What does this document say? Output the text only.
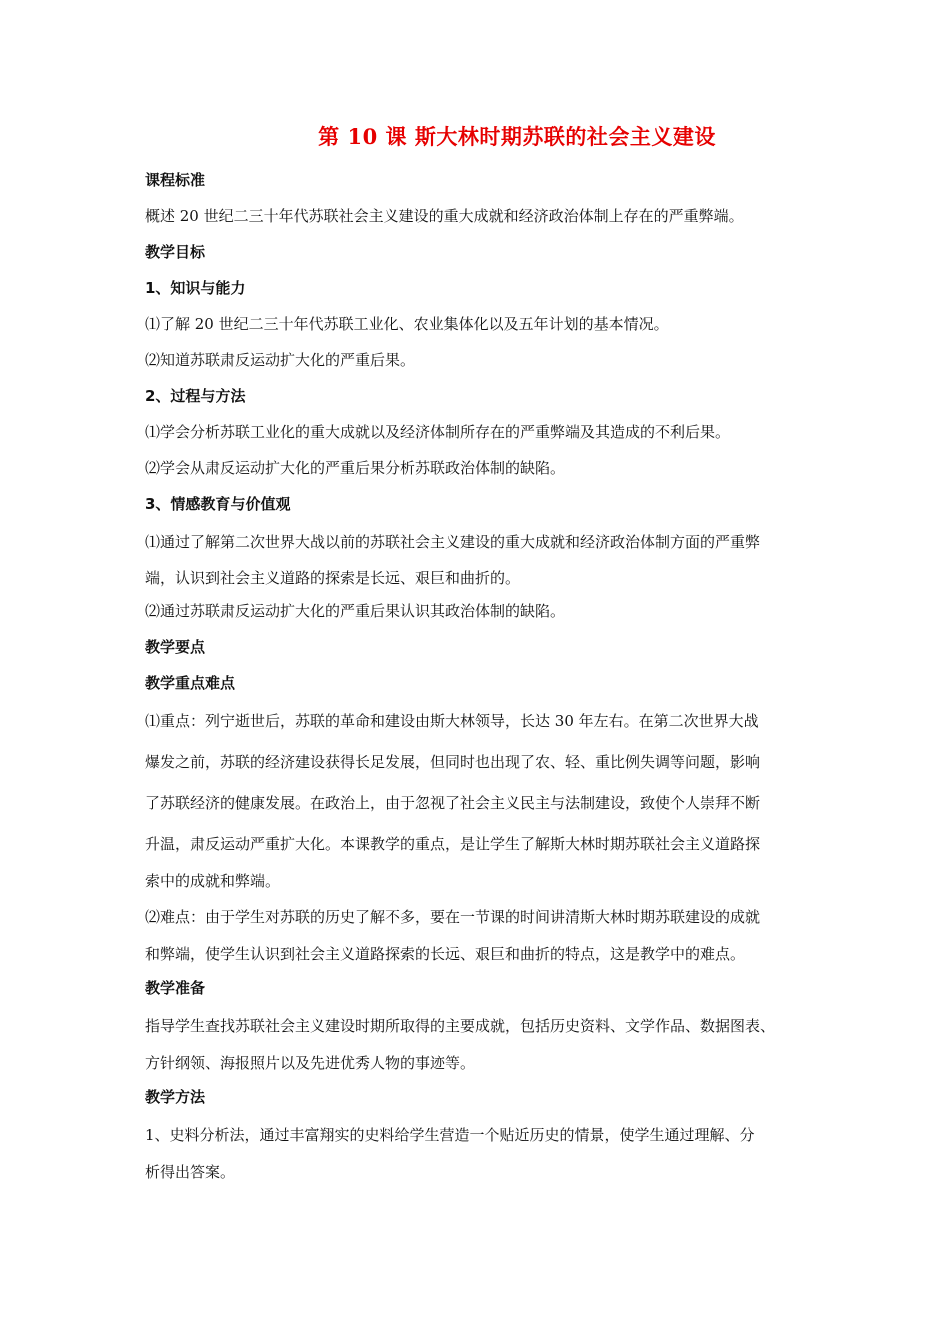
第 10 课 斯大林时期苏联的社会主义建设
课程标准
概述 20 世纪二三十年代苏联社会主义建设的重大成就和经济政治体制上存在的严重弊端。
教学目标
1、知识与能力
⑴了解 20 世纪二三十年代苏联工业化、农业集体化以及五年计划的基本情况。
⑵知道苏联肃反运动扩大化的严重后果。
2、过程与方法
⑴学会分析苏联工业化的重大成就以及经济体制所存在的严重弊端及其造成的不利后果。
⑵学会从肃反运动扩大化的严重后果分析苏联政治体制的缺陷。
3、情感教育与价值观
⑴通过了解第二次世界大战以前的苏联社会主义建设的重大成就和经济政治体制方面的严重弊
端，认识到社会主义道路的探索是长远、艰巨和曲折的。
⑵通过苏联肃反运动扩大化的严重后果认识其政治体制的缺陷。
教学要点
教学重点难点
⑴重点：列宁逝世后，苏联的革命和建设由斯大林领导，长达 30 年左右。在第二次世界大战
爆发之前，苏联的经济建设获得长足发展，但同时也出现了农、轻、重比例失调等问题，影响
了苏联经济的健康发展。在政治上，由于忽视了社会主义民主与法制建设，致使个人崇拜不断
升温，肃反运动严重扩大化。本课教学的重点，是让学生了解斯大林时期苏联社会主义道路探
索中的成就和弊端。
⑵难点：由于学生对苏联的历史了解不多，要在一节课的时间讲清斯大林时期苏联建设的成就
和弊端，使学生认识到社会主义道路探索的长远、艰巨和曲折的特点，这是教学中的难点。
教学准备
指导学生查找苏联社会主义建设时期所取得的主要成就，包括历史资料、文学作品、数据图表、
方针纲领、海报照片以及先进优秀人物的事迹等。
教学方法
1、史料分析法，通过丰富翔实的史料给学生营造一个贴近历史的情景，使学生通过理解、分
析得出答案。
